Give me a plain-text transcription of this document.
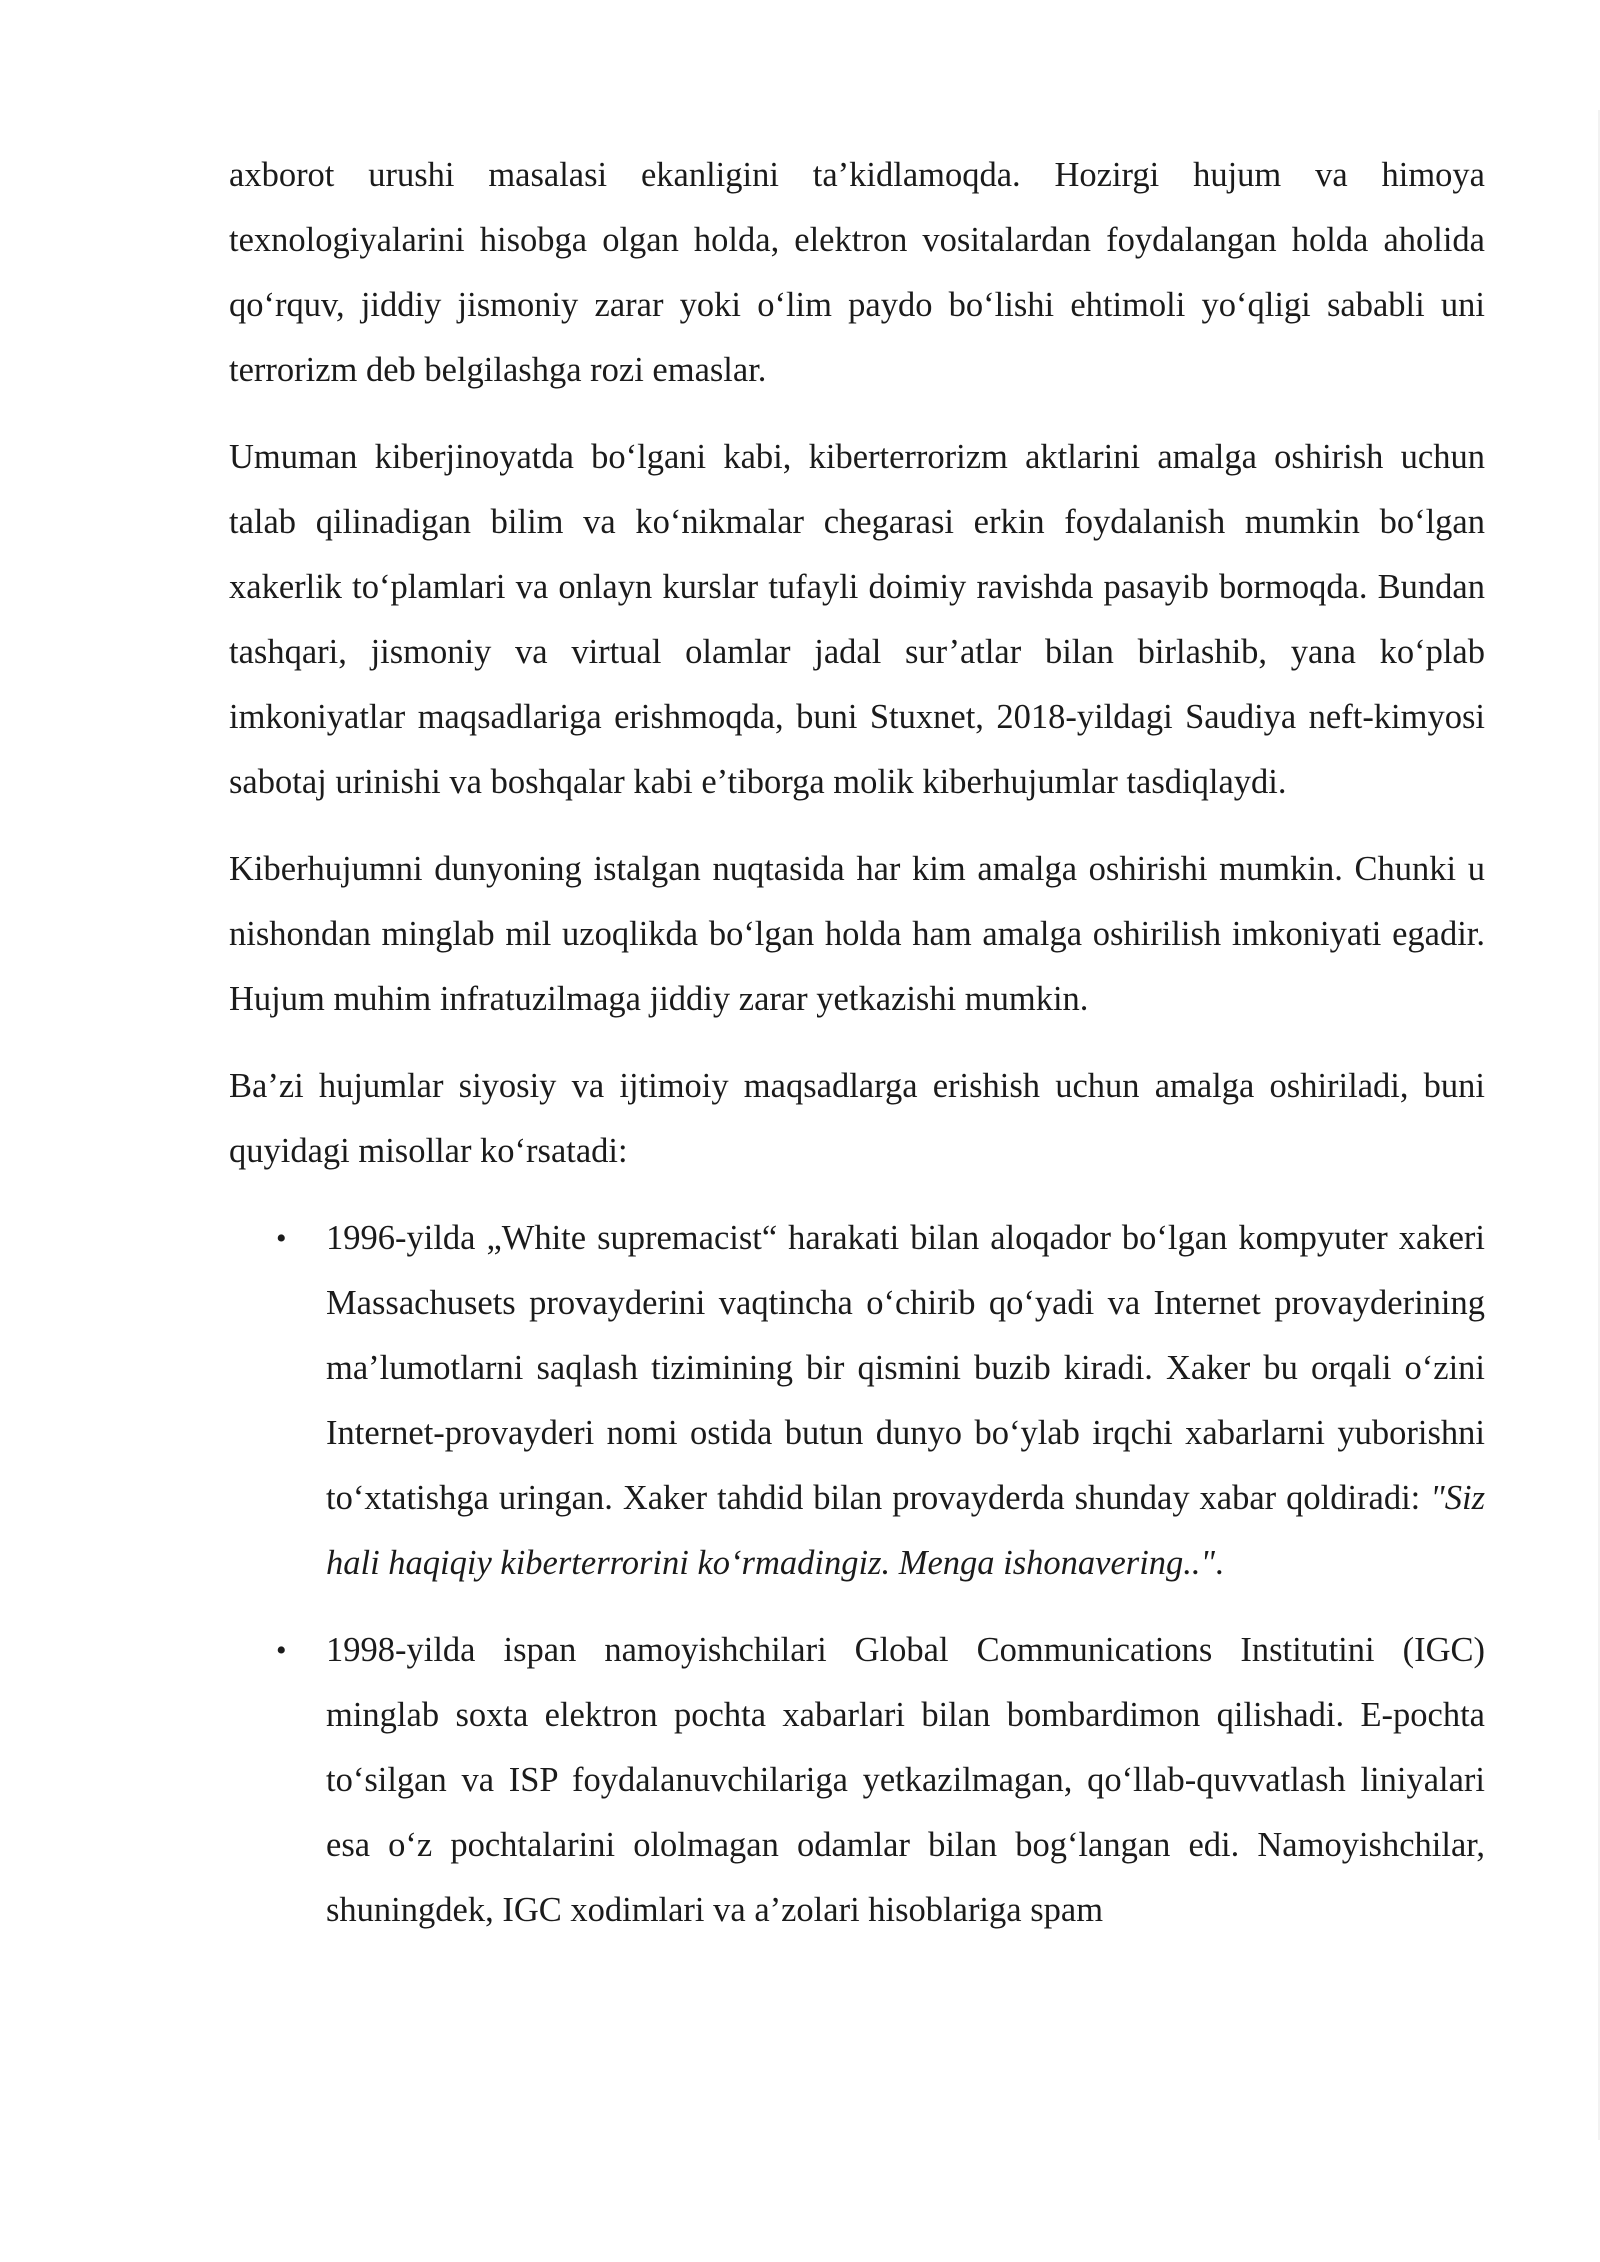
axborot urushi masalasi ekanligini ta’kidlamoqda. Hozirgi hujum va himoya texnologiyalarini hisobga olgan holda, elektron vositalardan foydalangan holda aholida qo‘rquv, jiddiy jismoniy zarar yoki o‘lim paydo bo‘lishi ehtimoli yo‘qligi sababli uni terrorizm deb belgilashga rozi emaslar.

Umuman kiberjinoyatda bo‘lgani kabi, kiberterrorizm aktlarini amalga oshirish uchun talab qilinadigan bilim va ko‘nikmalar chegarasi erkin foydalanish mumkin bo‘lgan xakerlik to‘plamlari va onlayn kurslar tufayli doimiy ravishda pasayib bormoqda. Bundan tashqari, jismoniy va virtual olamlar jadal sur’atlar bilan birlashib, yana ko‘plab imkoniyatlar maqsadlariga erishmoqda, buni Stuxnet, 2018-yildagi Saudiya neft-kimyosi sabotaj urinishi va boshqalar kabi e’tiborga molik kiberhujumlar tasdiqlaydi.

Kiberhujumni dunyoning istalgan nuqtasida har kim amalga oshirishi mumkin. Chunki u nishondan minglab mil uzoqlikda bo‘lgan holda ham amalga oshirilish imkoniyati egadir. Hujum muhim infratuzilmaga jiddiy zarar yetkazishi mumkin.

Ba’zi hujumlar siyosiy va ijtimoiy maqsadlarga erishish uchun amalga oshiriladi, buni quyidagi misollar ko‘rsatadi:

• 1996-yilda „White supremacist“ harakati bilan aloqador bo‘lgan kompyuter xakeri Massachusets provayderini vaqtincha o‘chirib qo‘yadi va Internet provayderining ma’lumotlarni saqlash tizimining bir qismini buzib kiradi. Xaker bu orqali o‘zini Internet-provayderi nomi ostida butun dunyo bo‘ylab irqchi xabarlarni yuborishni to‘xtatishga uringan. Xaker tahdid bilan provayderda shunday xabar qoldiradi: "Siz hali haqiqiy kiberterrorini ko‘rmadingiz. Menga ishonavering..".
• 1998-yilda ispan namoyishchilari Global Communications Institutini (IGC) minglab soxta elektron pochta xabarlari bilan bombardimon qilishadi. E-pochta to‘silgan va ISP foydalanuvchilariga yetkazilmagan, qo‘llab-quvvatlash liniyalari esa o‘z pochtalarini ololmagan odamlar bilan bog‘langan edi. Namoyishchilar, shuningdek, IGC xodimlari va a’zolari hisoblariga spam
